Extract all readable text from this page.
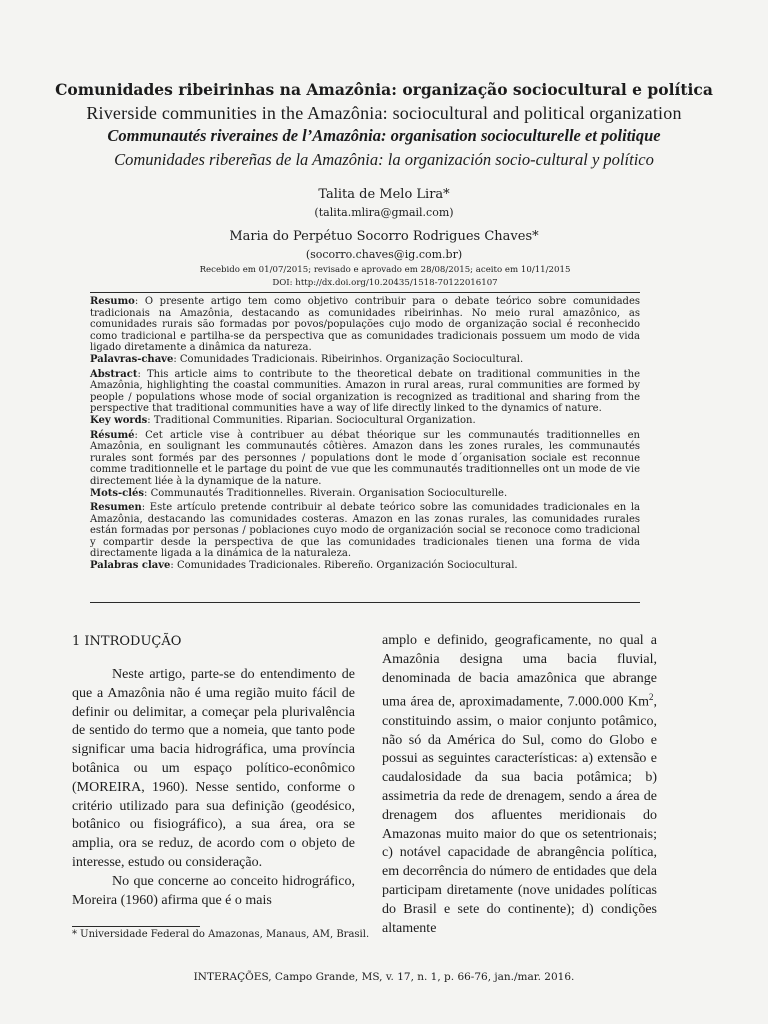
Comunidades ribeirinhas na Amazônia: organização sociocultural e política
Riverside communities in the Amazônia: sociocultural and political organization
Communautés riveraines de l’Amazônia: organisation socioculturelle et politique
Comunidades ribereñas de la Amazônia: la organización socio-cultural y político
Talita de Melo Lira*
(talita.mlira@gmail.com)
Maria do Perpétuo Socorro Rodrigues Chaves*
(socorro.chaves@ig.com.br)
Recebido em 01/07/2015; revisado e aprovado em 28/08/2015; aceito em 10/11/2015
DOI: http://dx.doi.org/10.20435/1518-70122016107

Resumo: O presente artigo tem como objetivo contribuir para o debate teórico sobre comunidades tradicionais na Amazônia, destacando as comunidades ribeirinhas. No meio rural amazônico, as comunidades rurais são formadas por povos/populações cujo modo de organização social é reconhecido como tradicional e partilha-se da perspectiva que as comunidades tradicionais possuem um modo de vida ligado diretamente a dinâmica da natureza.

Palavras-chave: Comunidades Tradicionais. Ribeirinhos. Organização Sociocultural.

Abstract: This article aims to contribute to the theoretical debate on traditional communities in the Amazônia, highlighting the coastal communities. Amazon in rural areas, rural communities are formed by people / populations whose mode of social organization is recognized as traditional and sharing from the perspective that traditional communities have a way of life directly linked to the dynamics of nature.

Key words: Traditional Communities. Riparian. Sociocultural Organization.

Résumé: Cet article vise à contribuer au débat théorique sur les communautés traditionnelles en Amazônia, en soulignant les communautés côtières. Amazon dans les zones rurales, les communautés rurales sont formés par des personnes / populations dont le mode d´organisation sociale est reconnue comme traditionnelle et le partage du point de vue que les communautés traditionnelles ont un mode de vie directement liée à la dynamique de la nature.

Mots-clés: Communautés Traditionnelles. Riverain. Organisation Socioculturelle.

Resumen: Este artículo pretende contribuir al debate teórico sobre las comunidades tradicionales en la Amazônia, destacando las comunidades costeras. Amazon en las zonas rurales, las comunidades rurales están formadas por personas / poblaciones cuyo modo de organización social se reconoce como tradicional y compartir desde la perspectiva de que las comunidades tradicionales tienen una forma de vida directamente ligada a la dinámica de la naturaleza.

Palabras clave: Comunidades Tradicionales. Ribereño. Organización Sociocultural.

1 INTRODUÇÃO

Neste artigo, parte-se do entendimento de que a Amazônia não é uma região muito fácil de definir ou delimitar, a começar pela plurivalência de sentido do termo que a nomeia, que tanto pode significar uma bacia hidrográfica, uma província botânica ou um espaço político-econômico (MOREIRA, 1960). Nesse sentido, conforme o critério utilizado para sua definição (geodésico, botânico ou fisiográfico), a sua área, ora se amplia, ora se reduz, de acordo com o objeto de interesse, estudo ou consideração.

No que concerne ao conceito hidrográfico, Moreira (1960) afirma que é o mais

amplo e definido, geograficamente, no qual a Amazônia designa uma bacia fluvial, denominada de bacia amazônica que abrange uma área de, aproximadamente, 7.000.000 Km$^2$, constituindo assim, o maior conjunto potâmico, não só da América do Sul, como do Globo e possui as seguintes características: a) extensão e caudalosidade da sua bacia potâmica; b) assimetria da rede de drenagem, sendo a área de drenagem dos afluentes meridionais do Amazonas muito maior do que os setentrionais; c) notável capacidade de abrangência política, em decorrência do número de entidades que dela participam diretamente (nove unidades políticas do Brasil e sete do continente); d) condições altamente

* Universidade Federal do Amazonas, Manaus, AM, Brasil.
INTERAÇÕES, Campo Grande, MS, v. 17, n. 1, p. 66-76, jan./mar. 2016.
